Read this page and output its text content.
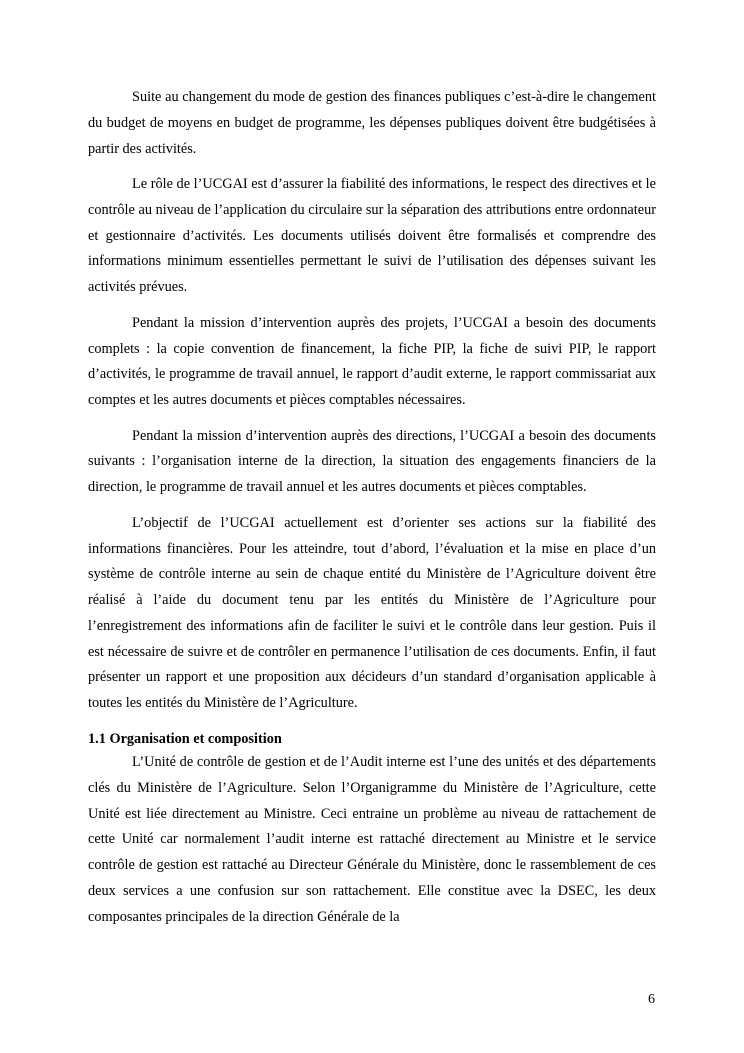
Suite au changement du mode de gestion des finances publiques c’est-à-dire le changement du budget de moyens en budget de programme, les dépenses publiques doivent être budgétisées à partir des activités.

Le rôle de l’UCGAI est d’assurer la fiabilité des informations, le respect des directives et le contrôle au niveau de l’application du circulaire sur la séparation des attributions entre ordonnateur et gestionnaire d’activités. Les documents utilisés doivent être formalisés et comprendre des informations minimum essentielles permettant le suivi de l’utilisation des dépenses suivant les activités prévues.

Pendant la mission d’intervention auprès des projets, l’UCGAI a besoin des documents complets : la copie convention de financement, la fiche PIP, la fiche de suivi PIP, le rapport d’activités, le programme de travail annuel, le rapport d’audit externe, le rapport commissariat aux comptes et les autres documents et pièces comptables nécessaires.

Pendant la mission d’intervention auprès des directions, l’UCGAI a besoin des documents suivants : l’organisation interne de la direction, la situation des engagements financiers de la direction, le programme de travail annuel et les autres documents et pièces comptables.

L’objectif de l’UCGAI actuellement est d’orienter ses actions sur la fiabilité des informations financières. Pour les atteindre, tout d’abord, l’évaluation et la mise en place d’un système de contrôle interne au sein de chaque entité du Ministère de l’Agriculture doivent être réalisé à l’aide du document tenu par les entités du Ministère de l’Agriculture pour l’enregistrement des informations afin de faciliter le suivi et le contrôle dans leur gestion. Puis il est nécessaire de suivre et de contrôler en permanence l’utilisation de ces documents. Enfin, il faut présenter un rapport et une proposition aux décideurs d’un standard d’organisation applicable à toutes les entités du Ministère de l’Agriculture.

1.1 Organisation et composition

L’Unité de contrôle de gestion et de l’Audit interne est l’une des unités et des départements clés du Ministère de l’Agriculture. Selon l’Organigramme du Ministère de l’Agriculture, cette Unité est liée directement au Ministre. Ceci entraine un problème au niveau de rattachement de cette Unité car normalement l’audit interne est rattaché directement au Ministre et le service contrôle de gestion est rattaché au Directeur Générale du Ministère, donc le rassemblement de ces deux services a une confusion sur son rattachement. Elle constitue avec la DSEC, les deux composantes principales de la direction Générale de la

6
